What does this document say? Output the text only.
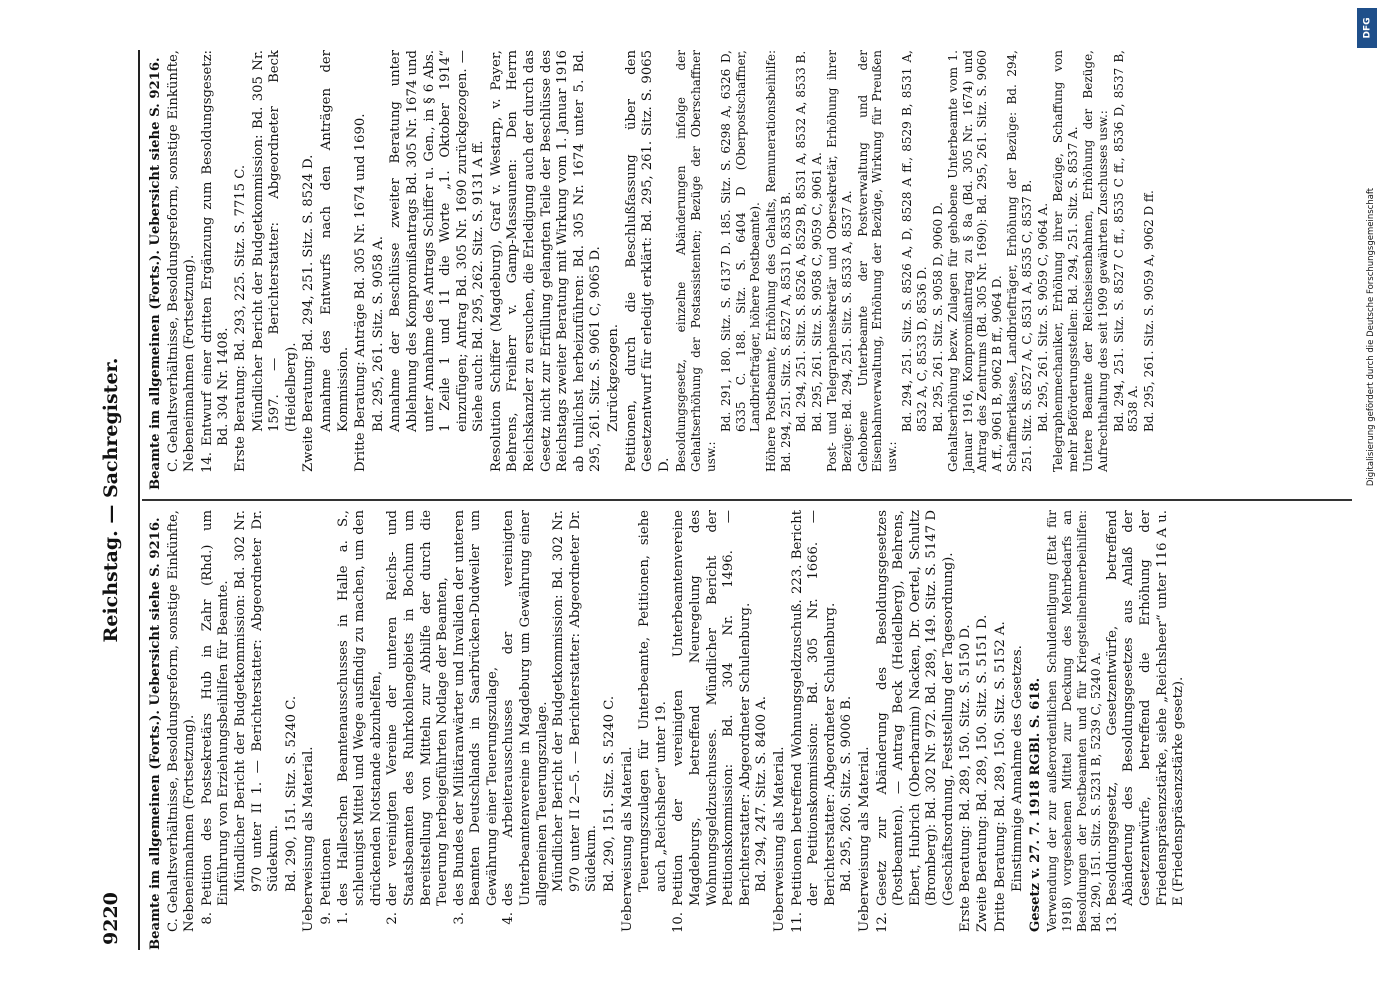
9220
Reichstag. — Sachregister.

Beamte im allgemeinen (Forts.). Uebersicht siehe S. 9216. C. Gehaltsverhältnisse, Besoldungsreform, sonstige Einkünfte, Nebeneinnahmen (Fortsetzung). 8.
Petition des Postsekretärs Hub in Zahr (Rhd.) um Einführung von Erziehungsbeihilfen für Beamte. Mündlicher Bericht der Budgetkommission: Bd. 302 Nr. 970 unter II 1. — Berichterstatter: Abgeordneter Dr. Südekum. Bd. 290, 151. Sitz. S. 5240 C. Ueberweisung als Material. 9.
Petitionen
1.
des Halleschen Beamtenausschusses in Halle a. S., schleunigst Mittel und Wege ausfindig zu machen, um den drückenden Notstande abzuhelfen,
2.
der vereinigten Vereine der unteren Reichs- und Staatsbeamten des Ruhrkohlengebiets in Bochum um Bereitstellung von Mitteln zur Abhilfe der durch die Teuerung herbeigeführten Notlage der Beamten,
3.
des Bundes der Militäranwärter und Invaliden der unteren Beamten Deutschlands in Saarbrücken-Dudweiler um Gewährung einer Teuerungszulage,
4.
des Arbeiterausschusses der vereinigten Unterbeamtenvereine in Magdeburg um Gewährung einer allgemeinen Teuerungszulage. Mündlicher Bericht der Budgetkommission: Bd. 302 Nr. 970 unter II 2—5. — Berichterstatter: Abgeordneter Dr. Südekum. Bd. 290, 151. Sitz. S. 5240 C. Ueberweisung als Material. Teuerungszulagen für Unterbeamte, Petitionen, siehe auch „Reichsheer“ unter 19.

10.
Petition der vereinigten Unterbeamtenvereine Magdeburgs, betreffend Neuregelung des Wohnungsgeldzuschusses. Mündlicher Bericht der Petitionskommission: Bd. 304 Nr. 1496. — Berichterstatter: Abgeordneter Schulenburg. Bd. 294, 247. Sitz. S. 8400 A. Ueberweisung als Material. 11.
Petitionen betreffend Wohnungsgeldzuschuß. 223. Bericht der Petitionskommission: Bd. 305 Nr. 1666. — Berichterstatter: Abgeordneter Schulenburg. Bd. 295, 260. Sitz. S. 9006 B. Ueberweisung als Material. 12.
Gesetz zur Abänderung des Besoldungsgesetzes (Postbeamten). — Antrag Beck (Heidelberg), Behrens, Ebert, Hubrich (Oberbarnim) Nacken, Dr. Oertel, Schultz (Bromberg): Bd. 302 Nr. 972. Bd. 289, 149. Sitz. S. 5147 D (Geschäftsordnung, Feststellung der Tagesordnung). Erste Beratung: Bd. 289, 150. Sitz. S. 5150 D. Zweite Beratung: Bd. 289, 150. Sitz. S. 5151 D. Dritte Beratung: Bd. 289, 150. Sitz. S. 5152 A. Einstimmige Annahme des Gesetzes. Gesetz v. 27. 7. 1918 RGBl. S. 618. Verwendung der zur außerordentlichen Schuldentilgung (Etat für 1918) vorgesehenen Mittel zur Deckung des Mehrbedarfs an Besoldungen der Postbeamten und für Kriegsteilnehmerbeihilfen: Bd. 290, 151. Sitz. S. 5231 B, 5239 C, 5240 A. 13.
Besoldungsgesetz, Gesetzentwürfe, betreffend Abänderung des Besoldungsgesetzes aus Anlaß der Gesetzentwürfe, betreffend die Erhöhung der Friedenspräsenzstärke, siehe „Reichsheer“ unter 116 A u. E (Friedenspräsenzstärke gesetz).

Beamte im allgemeinen (Forts.). Uebersicht siehe S. 9216. C. Gehaltsverhältnisse, Besoldungsreform, sonstige Einkünfte, Nebeneinnahmen (Fortsetzung). 14.
Entwurf einer dritten Ergänzung zum Besoldungsgesetz: Bd. 304 Nr. 1408. Erste Beratung: Bd. 293, 225. Sitz. S. 7715 C. Mündlicher Bericht der Budgetkommission: Bd. 305 Nr. 1597. — Berichterstatter: Abgeordneter Beck (Heidelberg). Zweite Beratung: Bd. 294, 251. Sitz. S. 8524 D. Annahme des Entwurfs nach den Anträgen der Kommission. Dritte Beratung: Anträge Bd. 305 Nr. 1674 und 1690. Bd. 295, 261. Sitz. S. 9058 A. Annahme der Beschlüsse zweiter Beratung unter Ablehnung des Kompromißantrags Bd. 305 Nr. 1674 und unter Annahme des Antrags Schiffer u. Gen., in § 6 Abs. 1 Zeile 1 und 11 die Worte „1. Oktober 1914“ einzufügen; Antrag Bd. 305 Nr. 1690 zurückgezogen. — Siehe auch: Bd. 295, 262. Sitz. S. 9131 A ff. Resolution Schiffer (Magdeburg), Graf v. Westarp, v. Payer, Behrens, Freiherr v. Gamp-Massaunen: Den Herrn Reichskanzler zu ersuchen, die Erledigung auch der durch das Gesetz nicht zur Erfüllung gelangten Teile der Beschlüsse des Reichstags zweiter Beratung mit Wirkung vom 1. Januar 1916 ab tunlichst herbeizuführen: Bd. 305 Nr. 1674 unter 5. Bd. 295, 261. Sitz. S. 9061 C, 9065 D. Zurückgezogen. Petitionen, durch die Beschlußfassung über den Gesetzentwurf für erledigt erklärt: Bd. 295, 261. Sitz. S. 9065 D. Besoldungsgesetz, einzelne Abänderungen infolge der Gehaltserhöhung der Postassistenten; Bezüge der Oberschaffner usw.:

Bd. 291, 180. Sitz. S. 6137 D. 185. Sitz. S. 6298 A, 6326 D, 6335 C. 188. Sitz. S. 6404 D (Oberpostschaffner, Landbriefträger, höhere Postbeamte). Höhere Postbeamte, Erhöhung des Gehalts, Remunerationsbeihilfe: Bd. 294, 251. Sitz. S. 8527 A, 8531 D, 8535 B. Bd. 294, 251. Sitz. S. 8526 A, 8529 B, 8531 A, 8532 A, 8533 B. Bd. 295, 261. Sitz. S. 9058 C, 9059 C, 9061 A. Post- und Telegraphensekretär und Obersekretär, Erhöhung ihrer Bezüge: Bd. 294, 251. Sitz. S. 8533 A, 8537 A. Gehobene Unterbeamte der Postverwaltung und der Eisenbahnverwaltung, Erhöhung der Bezüge, Wirkung für Preußen usw.:

Bd. 294, 251. Sitz. S. 8526 A, D, 8528 A ff., 8529 B, 8531 A, 8532 A, C, 8533 D, 8536 D. Bd. 295, 261. Sitz. S. 9058 D, 9060 D. Gehaltserhöhung bezw. Zulagen für gehobene Unterbeamte vom 1. Januar 1916, Kompromißantrag zu § 8a (Bd. 305 Nr. 1674) und Antrag des Zentrums (Bd. 305 Nr. 1690): Bd. 295, 261. Sitz. S. 9060 A ff., 9061 B, 9062 B ff., 9064 D. Schaffnerklasse, Landbriefträger, Erhöhung der Bezüge: Bd. 294, 251. Sitz. S. 8527 A, C, 8531 A, 8535 C, 8537 B. Bd. 295, 261. Sitz. S. 9059 C, 9064 A. Telegraphenmechaniker, Erhöhung ihrer Bezüge, Schaffung von mehr Beförderungsstellen: Bd. 294, 251. Sitz. S. 8537 A. Untere Beamte der Reichseisenbahnen, Erhöhung der Bezüge, Aufrechthaltung des seit 1909 gewährten Zuschusses usw.: Bd. 294, 251. Sitz. S. 8527 C ff., 8535 C ff., 8536 D, 8537 B, 8538 A. Bd. 295, 261. Sitz. S. 9059 A, 9062 D ff.

DFG
Digitalisierung gefördert durch die Deutsche Forschungsgemeinschaft
